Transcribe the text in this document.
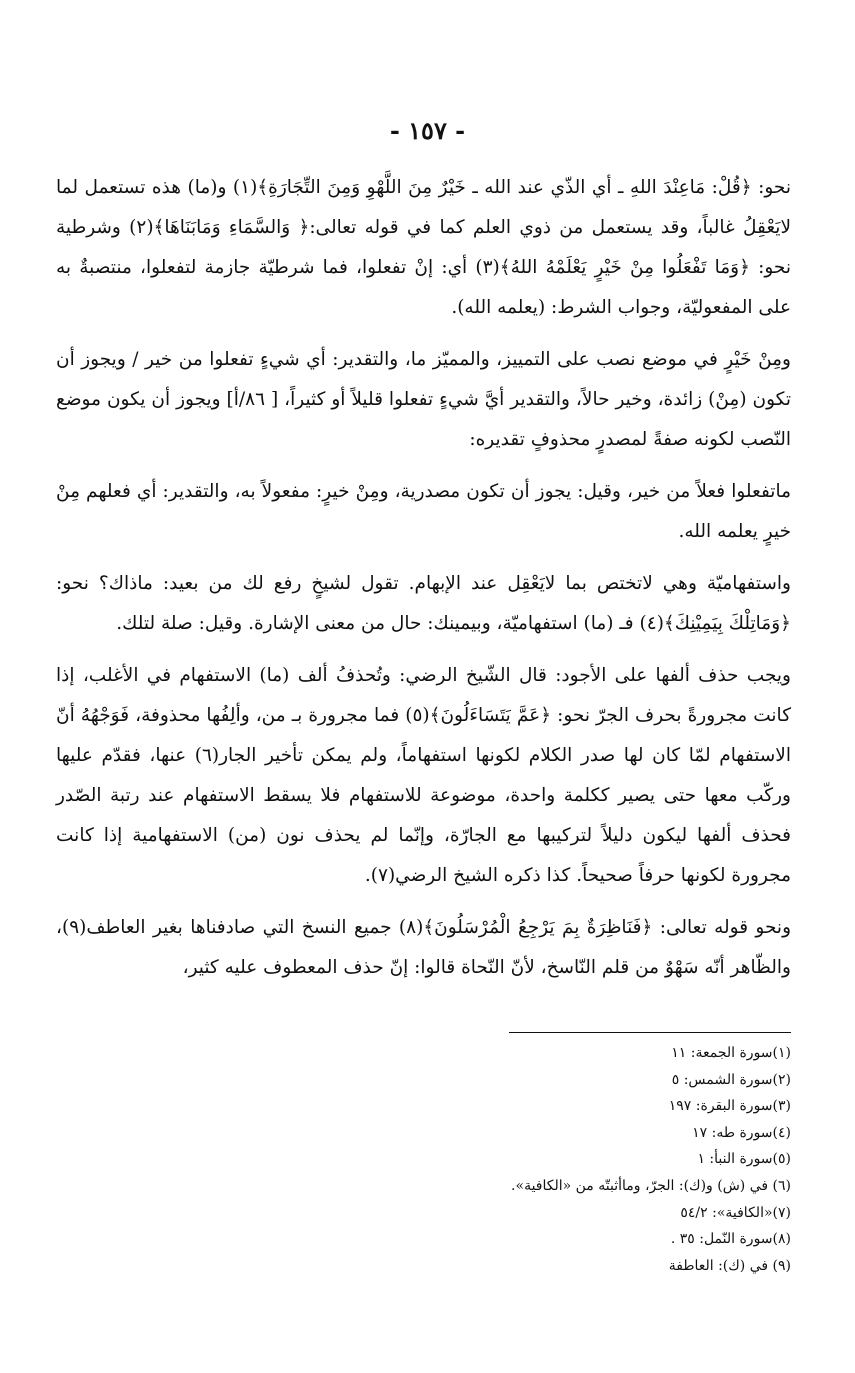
- ١٥٧ -

نحو: ﴿قُلْ: مَاعِنْدَ اللهِ ـ أي الذّي عند الله ـ خَيْرٌ مِنَ اللَّهْوِ وَمِنَ التِّجَارَةِ﴾(١) و(ما) هذه تستعمل لما لايَعْقِلُ غالباً، وقد يستعمل من ذوي العلم كما في قوله تعالى:﴿ وَالسَّمَاءِ وَمَابَنَاهَا﴾(٢) وشرطية نحو: ﴿وَمَا تَفْعَلُوا مِنْ خَيْرٍ يَعْلَمْهُ اللهُ﴾(٣) أي: إنْ تفعلوا، فما شرطيّة جازمة لتفعلوا، منتصبةٌ به على المفعوليّة، وجواب الشرط: (يعلمه الله).

ومِنْ خَيْرٍ في موضع نصب على التمييز، والمميّز ما، والتقدير: أي شيءٍ تفعلوا من خير / ويجوز أن تكون (مِنْ) زائدة، وخير حالاً، والتقدير أيَّ شيءٍ تفعلوا قليلاً أو كثيراً، [ ٨٦/أ] ويجوز أن يكون موضع النّصب لكونه صفةً لمصدرٍ محذوفٍ تقديره:

ماتفعلوا فعلاً من خير، وقيل: يجوز أن تكون مصدرية، ومِنْ خيرٍ: مفعولاً به، والتقدير: أي فعلهم مِنْ خيرٍ يعلمه الله.

واستفهاميّة وهي لاتختص بما لايَعْقِل عند الإبهام. تقول لشيخٍ رفع لك من بعيد: ماذاك؟ نحو: ﴿وَمَاتِلْكَ بِيَمِيْنِكَ﴾(٤) فـ (ما) استفهاميّة، وبيمينك: حال من معنى الإشارة. وقيل: صلة لتلك.

ويجب حذف ألفها على الأجود: قال الشّيخ الرضي: وتُحذفُ ألف (ما) الاستفهام في الأغلب، إذا كانت مجرورةً بحرف الجرّ نحو: ﴿عَمَّ يَتَسَاءَلُونَ﴾(٥) فما مجرورة بـ من، وألِفُها محذوفة، فَوَجْهُهُ أنّ الاستفهام لمّا كان لها صدر الكلام لكونها استفهاماً، ولم يمكن تأخير الجار(٦) عنها، فقدّم عليها وركّب معها حتى يصير ككلمة واحدة، موضوعة للاستفهام فلا يسقط الاستفهام عند رتبة الصّدر فحذف ألفها ليكون دليلاً لتركيبها مع الجارّة، وإنّما لم يحذف نون (من) الاستفهامية إذا كانت مجرورة لكونها حرفاً صحيحاً. كذا ذكره الشيخ الرضي(٧).

ونحو قوله تعالى: ﴿فَنَاظِرَةٌ بِمَ يَرْجِعُ الْمُرْسَلُونَ﴾(٨) جميع النسخ التي صادفناها بغير العاطف(٩)، والظّاهر أنّه سَهْوٌ من قلم النّاسخ، لأنّ النّحاة قالوا: إنّ حذف المعطوف عليه كثير،

(١)سورة الجمعة: ١١
(٢)سورة الشمس: ٥
(٣)سورة البقرة: ١٩٧
(٤)سورة طه: ١٧
(٥)سورة النبأ: ١
(٦) في (ش) و(ك): الجرّ، وماأثبتّه من «الكافية».
(٧)«الكافية»: ٥٤/٢
(٨)سورة النّمل: ٣٥ .
(٩) في (ك): العاطفة
